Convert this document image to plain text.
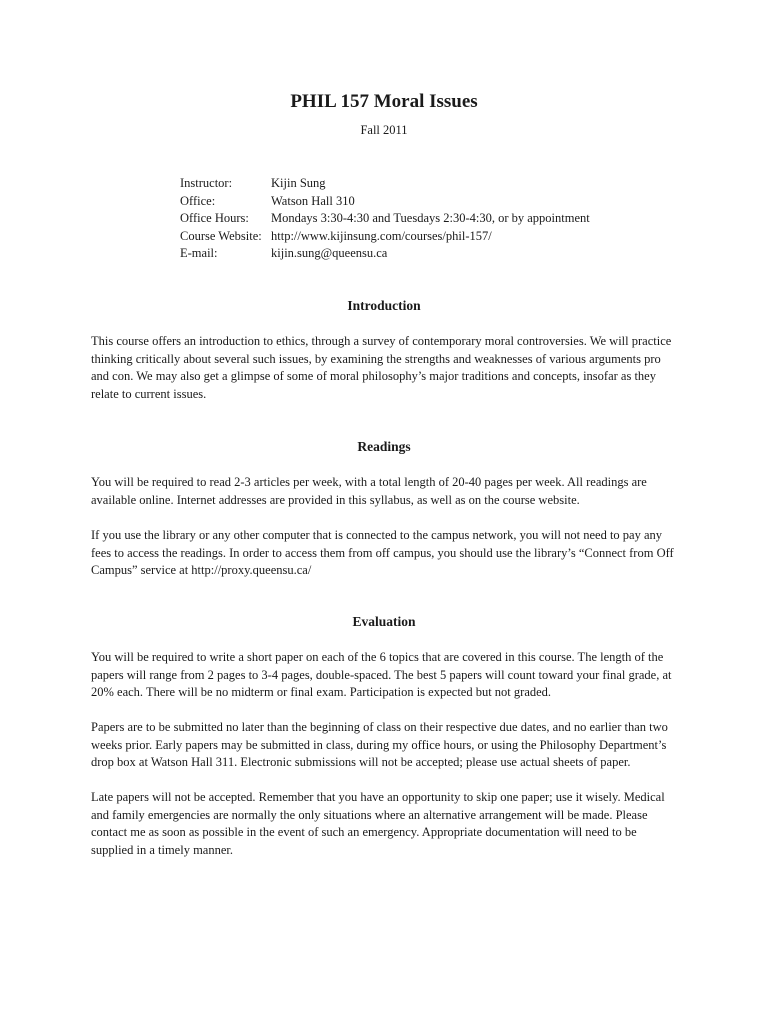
PHIL 157 Moral Issues
Fall 2011
Instructor:	Kijin Sung
Office:	Watson Hall 310
Office Hours:	Mondays 3:30-4:30 and Tuesdays 2:30-4:30, or by appointment
Course Website:	http://www.kijinsung.com/courses/phil-157/
E-mail:	kijin.sung@queensu.ca
Introduction

This course offers an introduction to ethics, through a survey of contemporary moral controversies. We will practice thinking critically about several such issues, by examining the strengths and weaknesses of various arguments pro and con. We may also get a glimpse of some of moral philosophy’s major traditions and concepts, insofar as they relate to current issues.

Readings

You will be required to read 2-3 articles per week, with a total length of 20-40 pages per week. All readings are available online. Internet addresses are provided in this syllabus, as well as on the course website.

If you use the library or any other computer that is connected to the campus network, you will not need to pay any fees to access the readings. In order to access them from off campus, you should use the library’s “Connect from Off Campus” service at http://proxy.queensu.ca/

Evaluation

You will be required to write a short paper on each of the 6 topics that are covered in this course. The length of the papers will range from 2 pages to 3-4 pages, double-spaced. The best 5 papers will count toward your final grade, at 20% each. There will be no midterm or final exam. Participation is expected but not graded.

Papers are to be submitted no later than the beginning of class on their respective due dates, and no earlier than two weeks prior. Early papers may be submitted in class, during my office hours, or using the Philosophy Department’s drop box at Watson Hall 311. Electronic submissions will not be accepted; please use actual sheets of paper.

Late papers will not be accepted. Remember that you have an opportunity to skip one paper; use it wisely. Medical and family emergencies are normally the only situations where an alternative arrangement will be made. Please contact me as soon as possible in the event of such an emergency. Appropriate documentation will need to be supplied in a timely manner.
